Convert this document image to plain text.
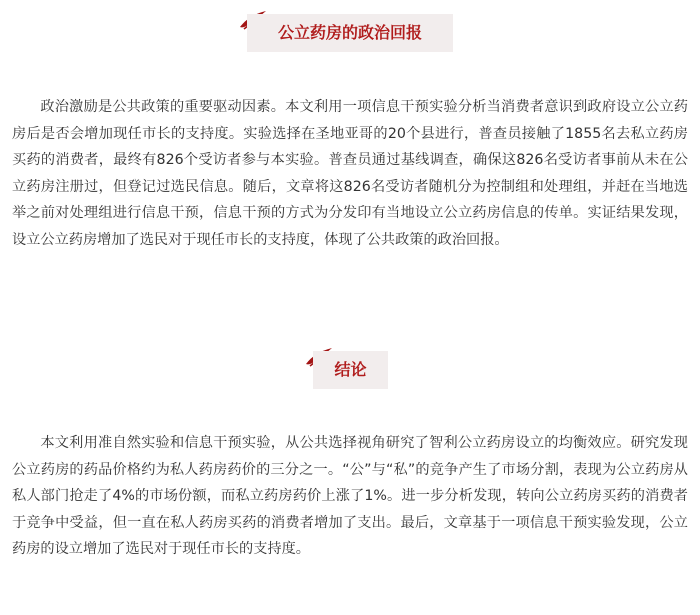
公立药房的政治回报

政治激励是公共政策的重要驱动因素。本文利用一项信息干预实验分析当消费者意识到政府设立公立药房后是否会增加现任市长的支持度。实验选择在圣地亚哥的20个县进行，普查员接触了1855名去私立药房买药的消费者，最终有826个受访者参与本实验。普查员通过基线调查，确保这826名受访者事前从未在公立药房注册过，但登记过选民信息。随后，文章将这826名受访者随机分为控制组和处理组，并赶在当地选举之前对处理组进行信息干预，信息干预的方式为分发印有当地设立公立药房信息的传单。实证结果发现，设立公立药房增加了选民对于现任市长的支持度，体现了公共政策的政治回报。

结论

本文利用准自然实验和信息干预实验，从公共选择视角研究了智利公立药房设立的均衡效应。研究发现公立药房的药品价格约为私人药房药价的三分之一。“公”与“私”的竞争产生了市场分割，表现为公立药房从私人部门抢走了4%的市场份额，而私立药房药价上涨了1%。进一步分析发现，转向公立药房买药的消费者于竞争中受益，但一直在私人药房买药的消费者增加了支出。最后，文章基于一项信息干预实验发现，公立药房的设立增加了选民对于现任市长的支持度。
